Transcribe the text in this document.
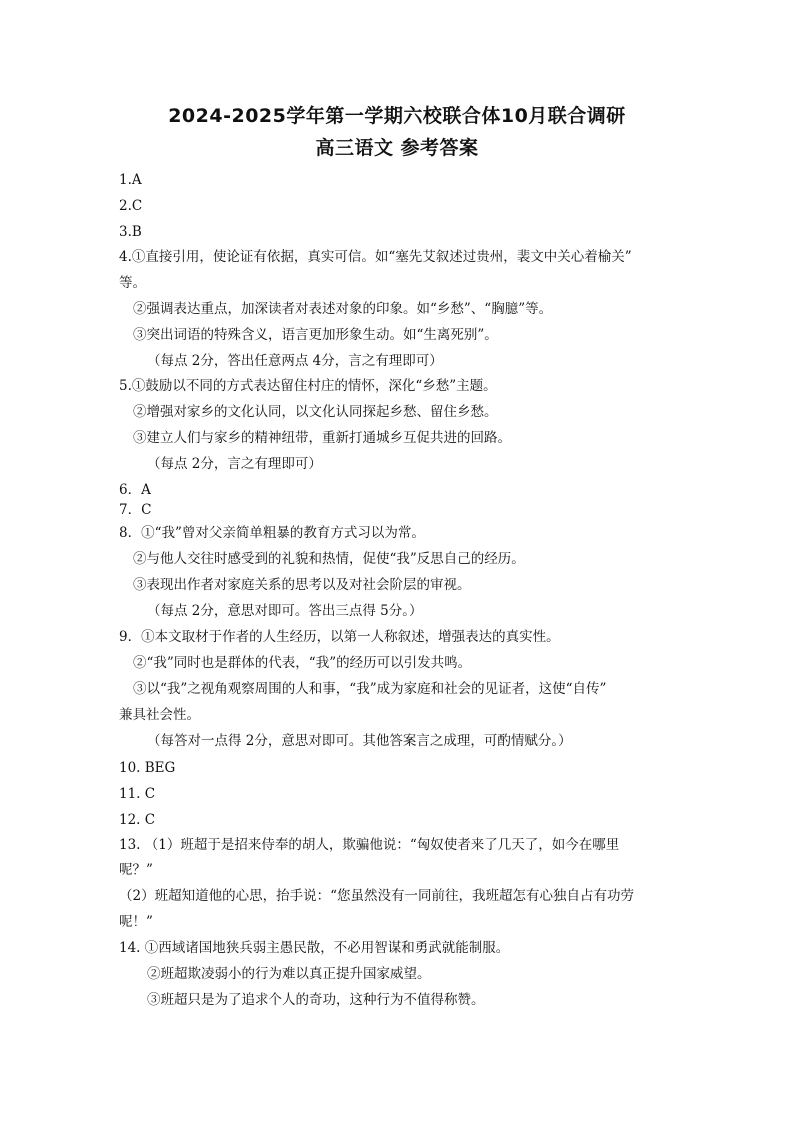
2024-2025学年第一学期六校联合体10月联合调研
高三语文 参考答案
1.A
2.C
3.B
4.①直接引用，使论证有依据，真实可信。如“塞先艾叙述过贵州，裴文中关心着榆关”
等。
②强调表达重点，加深读者对表述对象的印象。如“乡愁”、“胸臆”等。
③突出词语的特殊含义，语言更加形象生动。如“生离死别”。
（每点 2分，答出任意两点 4分，言之有理即可）
5.①鼓励以不同的方式表达留住村庄的情怀，深化“乡愁”主题。
②增强对家乡的文化认同，以文化认同探起乡愁、留住乡愁。
③建立人们与家乡的精神纽带，重新打通城乡互促共进的回路。
（每点 2分，言之有理即可）
6．A
7．C
8．①“我”曾对父亲简单粗暴的教育方式习以为常。
②与他人交往时感受到的礼貌和热情，促使“我”反思自己的经历。
③表现出作者对家庭关系的思考以及对社会阶层的审视。
（每点 2分，意思对即可。答出三点得 5分。）
9．①本文取材于作者的人生经历，以第一人称叙述，增强表达的真实性。
②“我”同时也是群体的代表，“我”的经历可以引发共鸣。
③以“我”之视角观察周围的人和事，“我”成为家庭和社会的见证者，这使“自传”
兼具社会性。
（每答对一点得 2分，意思对即可。其他答案言之成理，可酌情赋分。）
10. BEG
11. C
12. C
13. （1）班超于是招来侍奉的胡人，欺骗他说：“匈奴使者来了几天了，如今在哪里
呢？”
（2）班超知道他的心思，抬手说：“您虽然没有一同前往，我班超怎有心独自占有功劳
呢！”
14. ①西域诸国地狭兵弱主愚民散，不必用智谋和勇武就能制服。
②班超欺凌弱小的行为难以真正提升国家威望。
③班超只是为了追求个人的奇功，这种行为不值得称赞。
